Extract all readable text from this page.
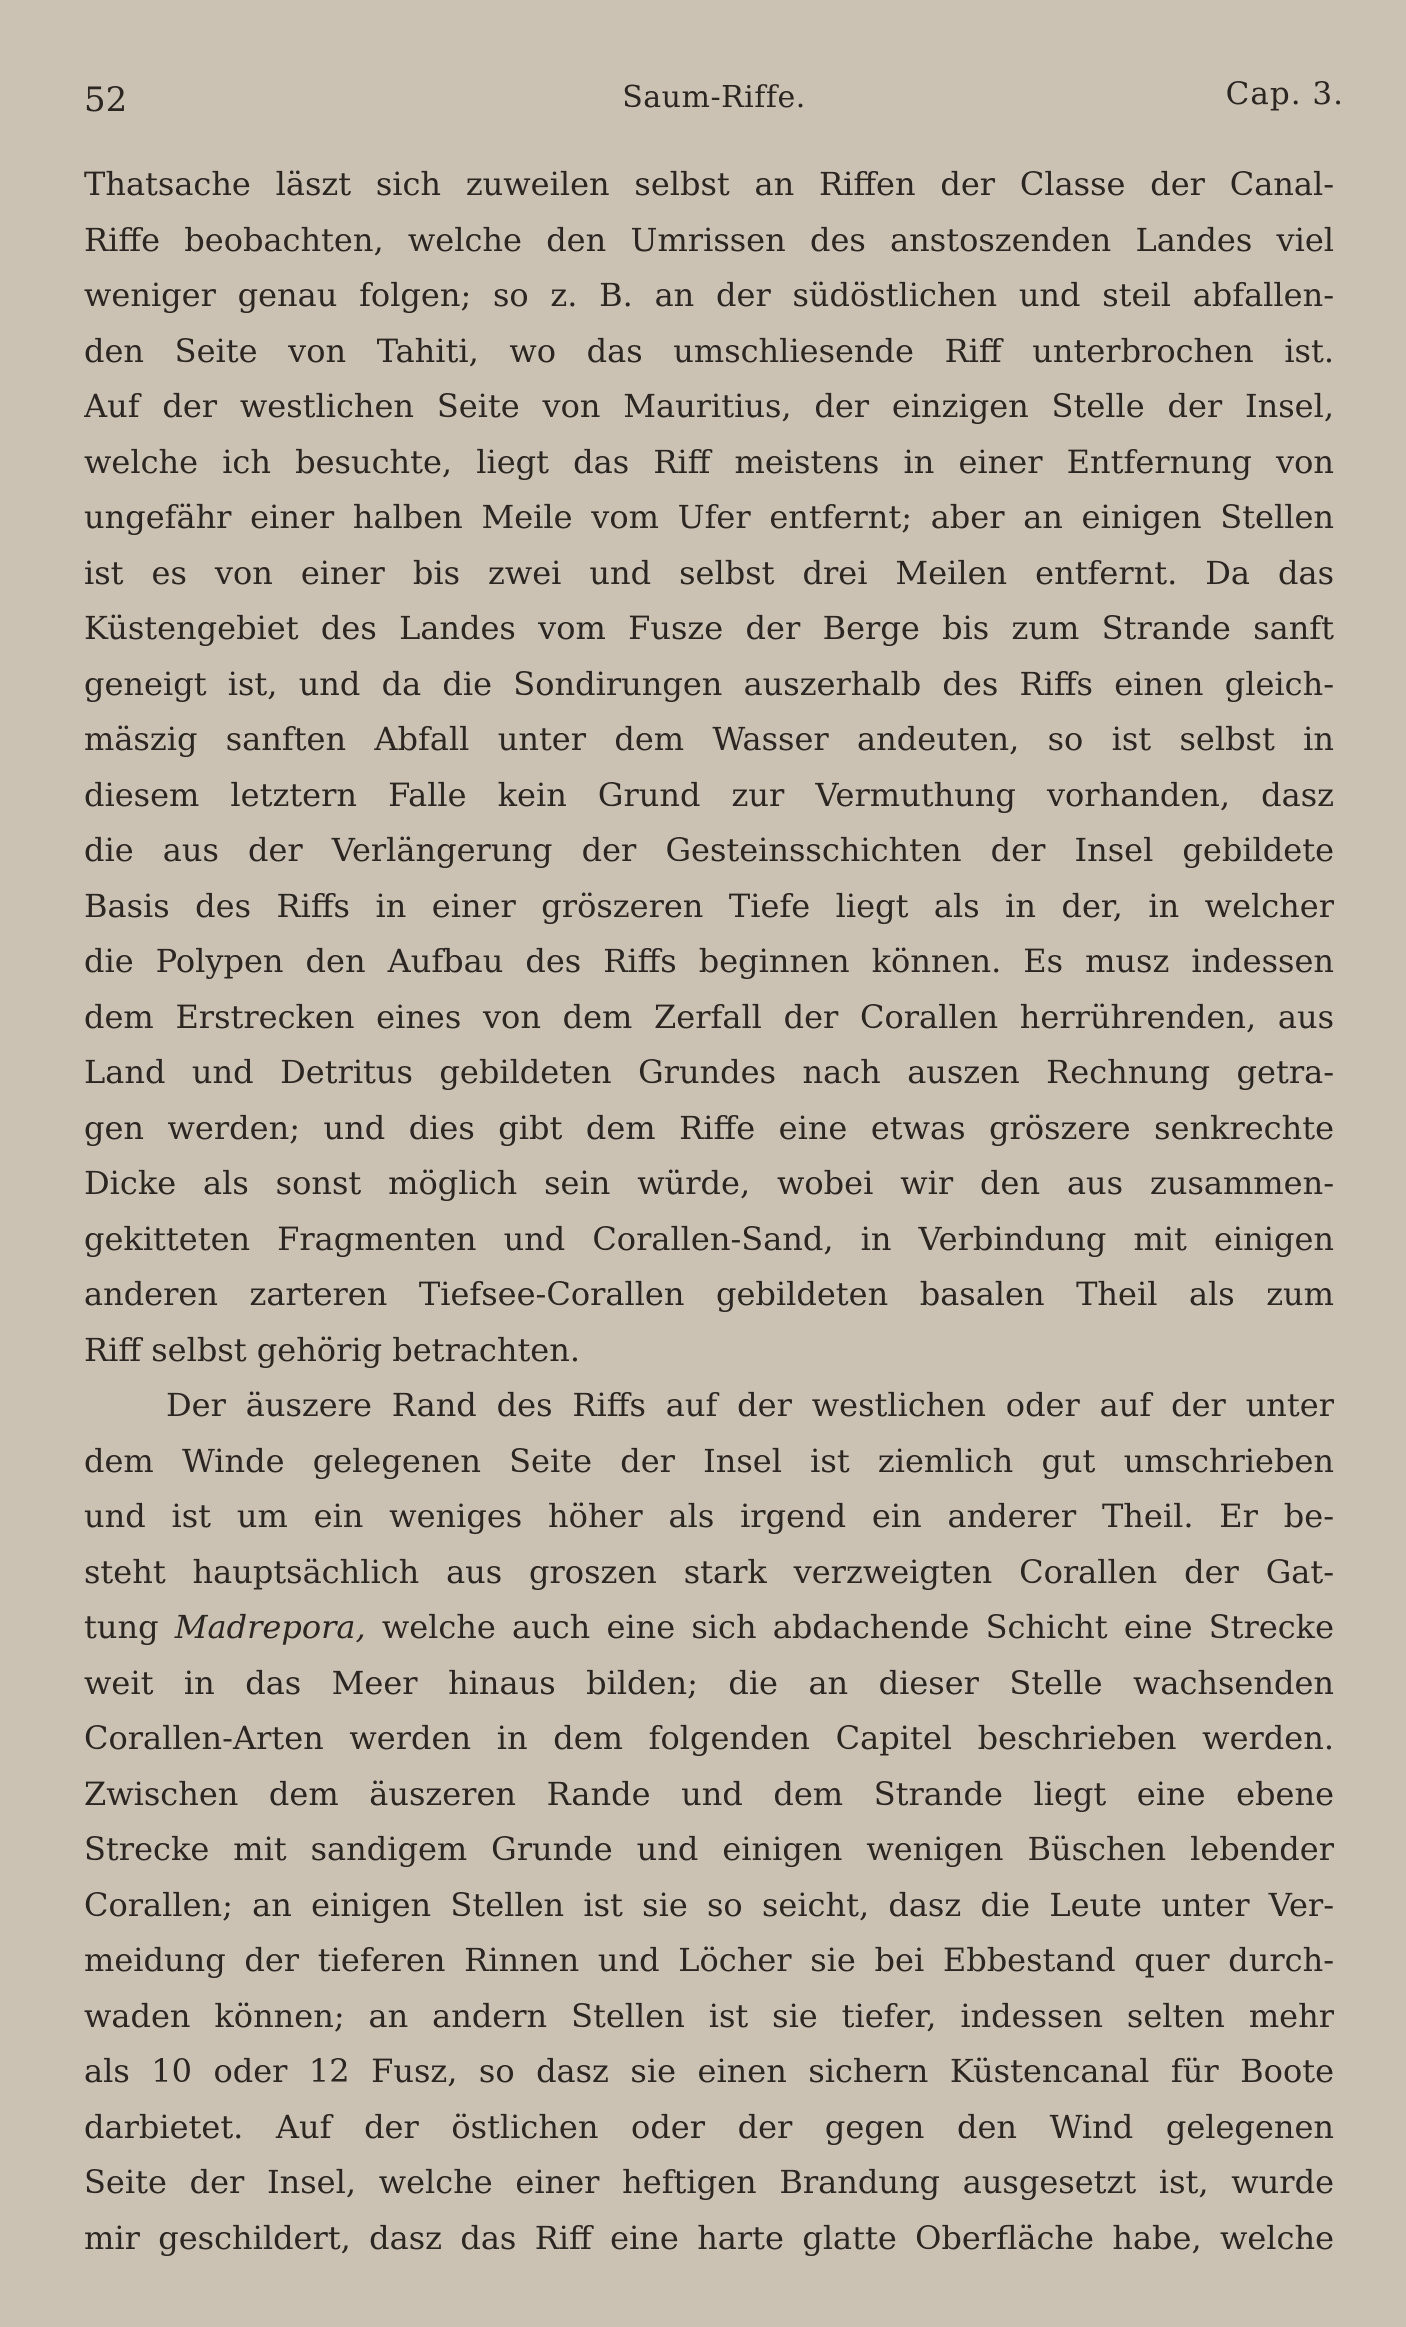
52	Saum-Riffe.	Cap. 3.
Thatsache läszt sich zuweilen selbst an Riffen der Classe der Canal-
Riffe beobachten, welche den Umrissen des anstoszenden Landes viel
weniger genau folgen; so z. B. an der südöstlichen und steil abfallen-
den Seite von Tahiti, wo das umschliesende Riff unterbrochen ist.
Auf der westlichen Seite von Mauritius, der einzigen Stelle der Insel,
welche ich besuchte, liegt das Riff meistens in einer Entfernung von
ungefähr einer halben Meile vom Ufer entfernt; aber an einigen Stellen
ist es von einer bis zwei und selbst drei Meilen entfernt. Da das
Küstengebiet des Landes vom Fusze der Berge bis zum Strande sanft
geneigt ist, und da die Sondirungen auszerhalb des Riffs einen gleich-
mäszig sanften Abfall unter dem Wasser andeuten, so ist selbst in
diesem letztern Falle kein Grund zur Vermuthung vorhanden, dasz
die aus der Verlängerung der Gesteinsschichten der Insel gebildete
Basis des Riffs in einer gröszeren Tiefe liegt als in der, in welcher
die Polypen den Aufbau des Riffs beginnen können. Es musz indessen
dem Erstrecken eines von dem Zerfall der Corallen herrührenden, aus
Land und Detritus gebildeten Grundes nach auszen Rechnung getra-
gen werden; und dies gibt dem Riffe eine etwas gröszere senkrechte
Dicke als sonst möglich sein würde, wobei wir den aus zusammen-
gekitteten Fragmenten und Corallen-Sand, in Verbindung mit einigen
anderen zarteren Tiefsee-Corallen gebildeten basalen Theil als zum
Riff selbst gehörig betrachten.
Der äuszere Rand des Riffs auf der westlichen oder auf der unter
dem Winde gelegenen Seite der Insel ist ziemlich gut umschrieben
und ist um ein weniges höher als irgend ein anderer Theil. Er be-
steht hauptsächlich aus groszen stark verzweigten Corallen der Gat-
tung Madrepora, welche auch eine sich abdachende Schicht eine Strecke
weit in das Meer hinaus bilden; die an dieser Stelle wachsenden
Corallen-Arten werden in dem folgenden Capitel beschrieben werden.
Zwischen dem äuszeren Rande und dem Strande liegt eine ebene
Strecke mit sandigem Grunde und einigen wenigen Büschen lebender
Corallen; an einigen Stellen ist sie so seicht, dasz die Leute unter Ver-
meidung der tieferen Rinnen und Löcher sie bei Ebbestand quer durch-
waden können; an andern Stellen ist sie tiefer, indessen selten mehr
als 10 oder 12 Fusz, so dasz sie einen sichern Küstencanal für Boote
darbietet. Auf der östlichen oder der gegen den Wind gelegenen
Seite der Insel, welche einer heftigen Brandung ausgesetzt ist, wurde
mir geschildert, dasz das Riff eine harte glatte Oberfläche habe, welche
